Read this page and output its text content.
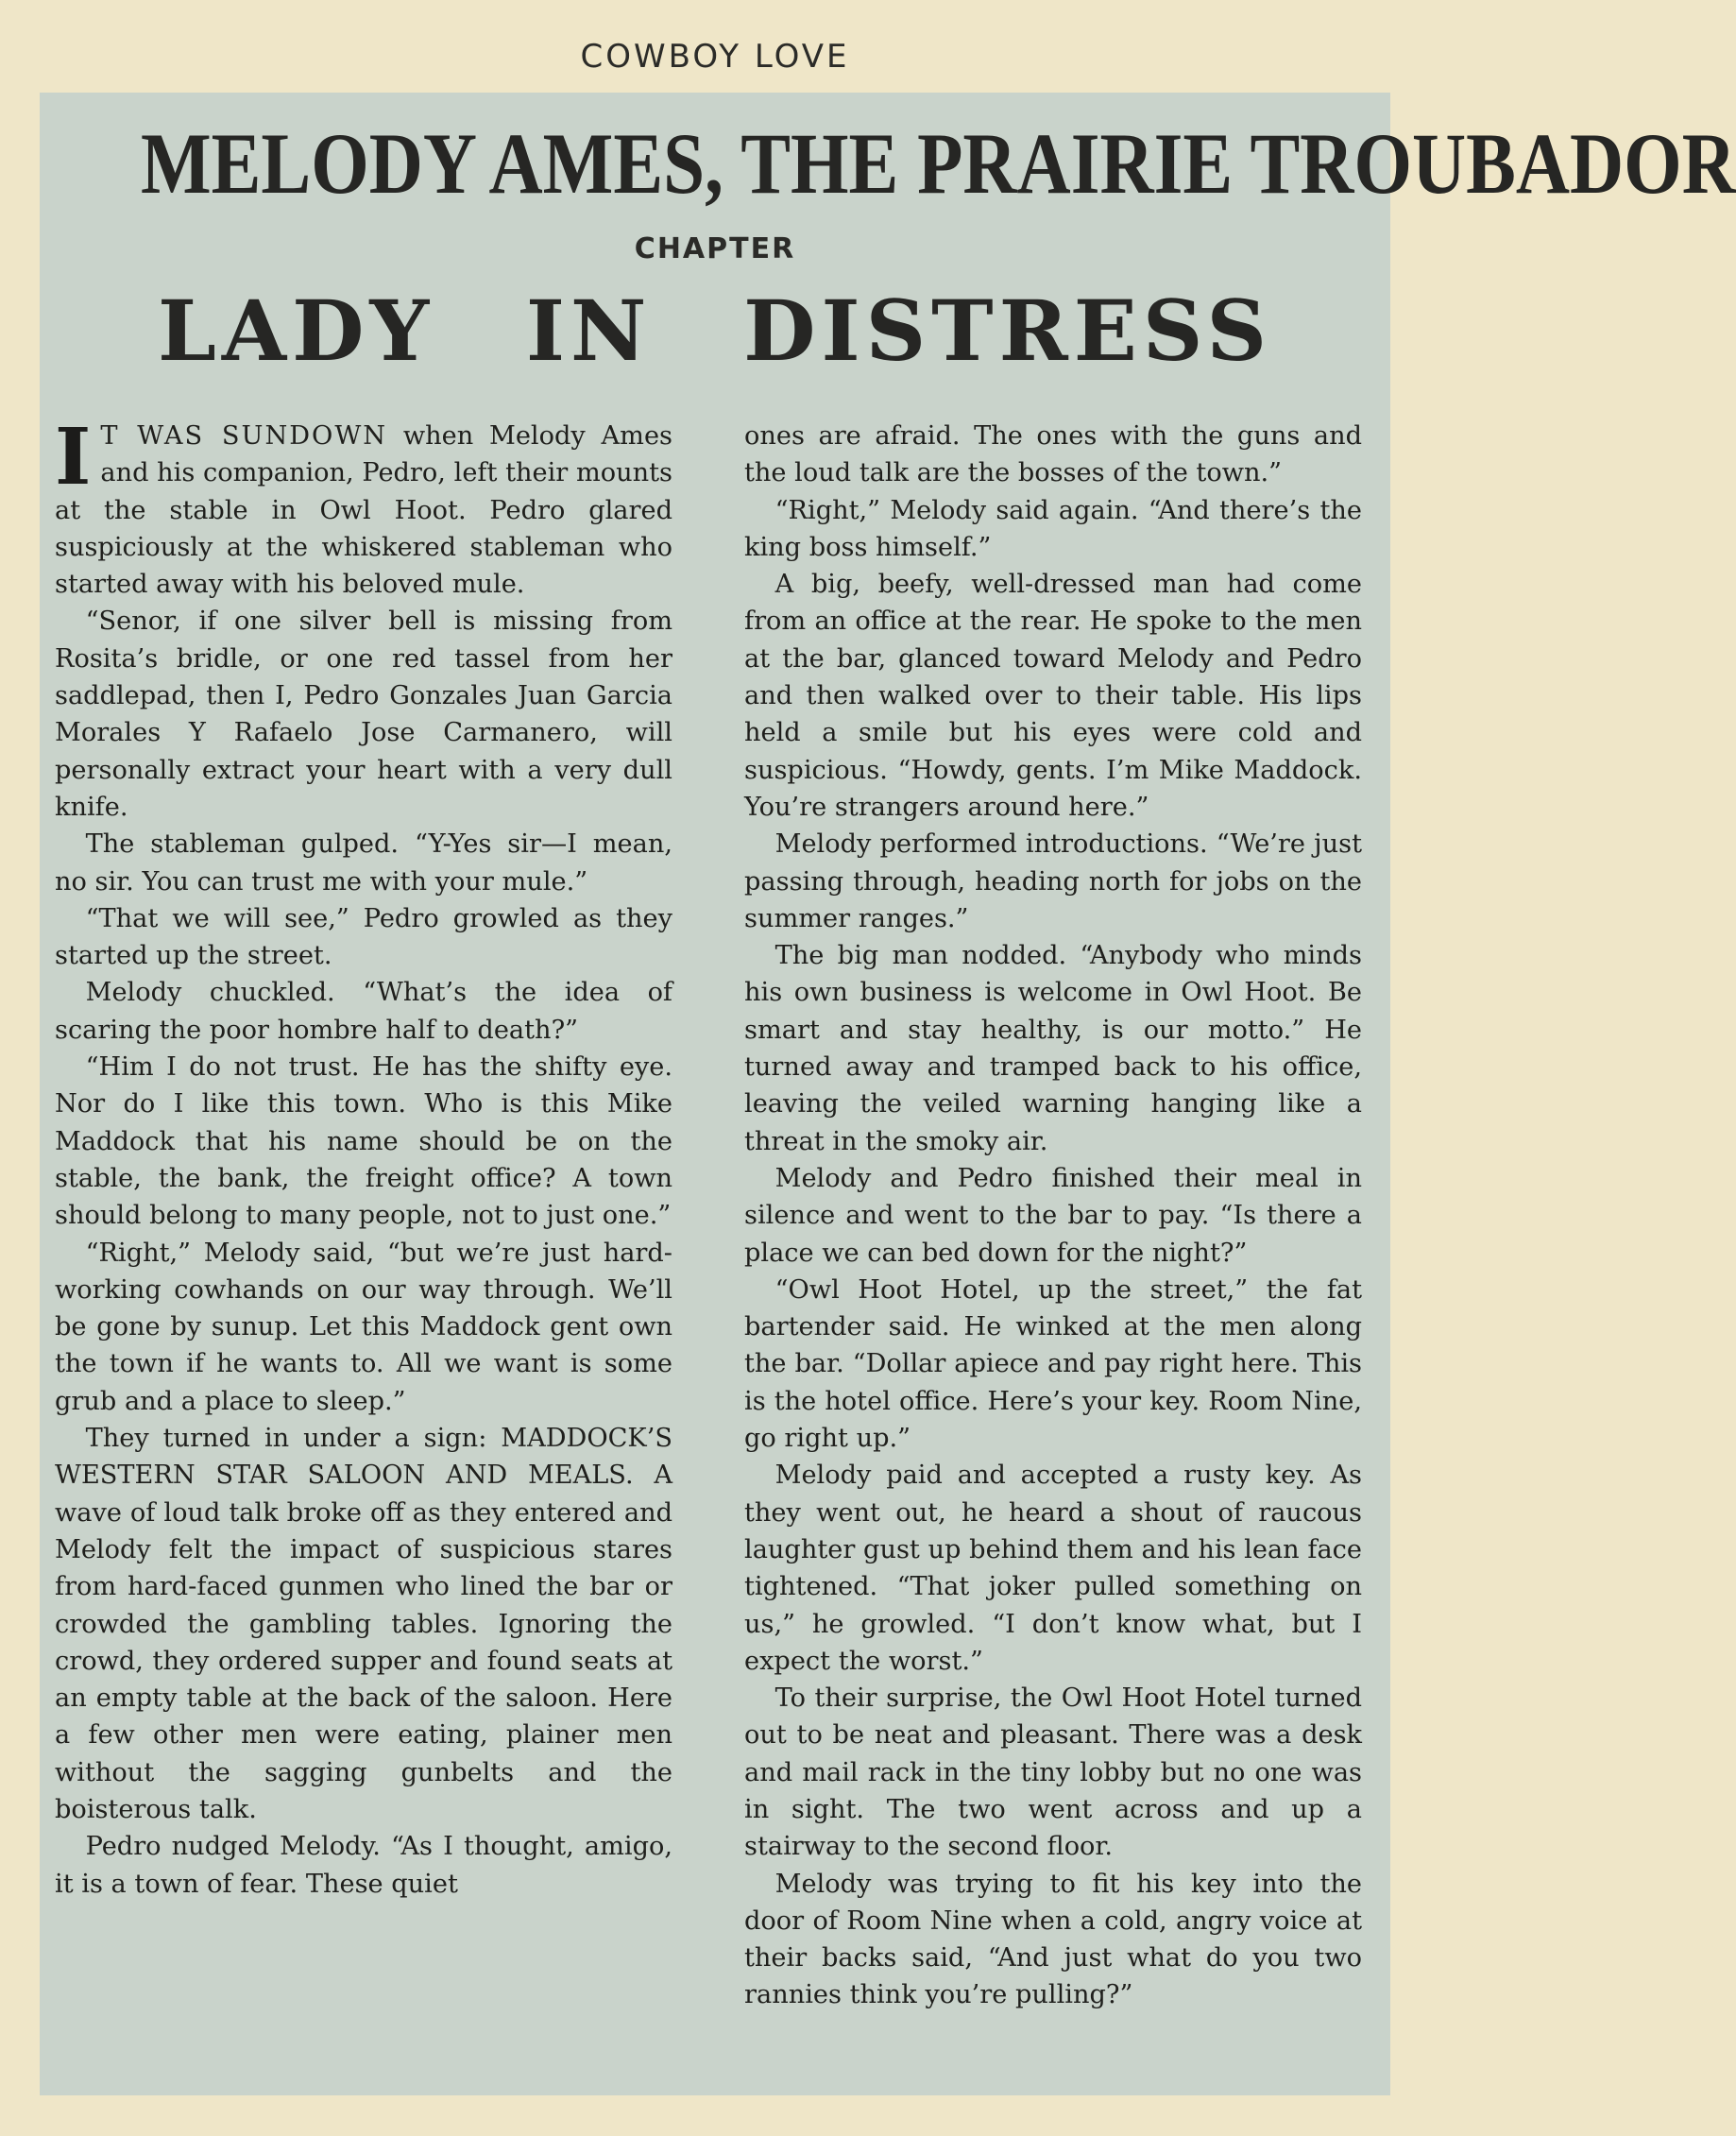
COWBOY LOVE
MELODY AMES, THE PRAIRIE TROUBADOR
CHAPTER
LADY IN DISTRESS

I T WAS SUNDOWN when Melody Ames and his companion, Pedro, left their mounts at the stable in Owl Hoot. Pedro glared suspiciously at the whiskered stableman who started away with his beloved mule.

“Senor, if one silver bell is missing from Rosita’s bridle, or one red tassel from her saddlepad, then I, Pedro Gonzales Juan Garcia Morales Y Rafaelo Jose Carmanero, will personally extract your heart with a very dull knife.

The stableman gulped. “Y-Yes sir—I mean, no sir. You can trust me with your mule.”

“That we will see,” Pedro growled as they started up the street.

Melody chuckled. “What’s the idea of scaring the poor hombre half to death?”

“Him I do not trust. He has the shifty eye. Nor do I like this town. Who is this Mike Maddock that his name should be on the stable, the bank, the freight office? A town should belong to many people, not to just one.”

“Right,” Melody said, “but we’re just hard-working cowhands on our way through. We’ll be gone by sunup. Let this Maddock gent own the town if he wants to. All we want is some grub and a place to sleep.”

They turned in under a sign: MADDOCK’S WESTERN STAR SALOON AND MEALS. A wave of loud talk broke off as they entered and Melody felt the impact of suspicious stares from hard-faced gunmen who lined the bar or crowded the gambling tables. Ignoring the crowd, they ordered supper and found seats at an empty table at the back of the saloon. Here a few other men were eating, plainer men without the sagging gunbelts and the boisterous talk.

Pedro nudged Melody. “As I thought, amigo, it is a town of fear. These quiet

ones are afraid. The ones with the guns and the loud talk are the bosses of the town.”

“Right,” Melody said again. “And there’s the king boss himself.”

A big, beefy, well-dressed man had come from an office at the rear. He spoke to the men at the bar, glanced toward Melody and Pedro and then walked over to their table. His lips held a smile but his eyes were cold and suspicious. “Howdy, gents. I’m Mike Maddock. You’re strangers around here.”

Melody performed introductions. “We’re just passing through, heading north for jobs on the summer ranges.”

The big man nodded. “Anybody who minds his own business is welcome in Owl Hoot. Be smart and stay healthy, is our motto.” He turned away and tramped back to his office, leaving the veiled warning hanging like a threat in the smoky air.

Melody and Pedro finished their meal in silence and went to the bar to pay. “Is there a place we can bed down for the night?”

“Owl Hoot Hotel, up the street,” the fat bartender said. He winked at the men along the bar. “Dollar apiece and pay right here. This is the hotel office. Here’s your key. Room Nine, go right up.”

Melody paid and accepted a rusty key. As they went out, he heard a shout of raucous laughter gust up behind them and his lean face tightened. “That joker pulled something on us,” he growled. “I don’t know what, but I expect the worst.”

To their surprise, the Owl Hoot Hotel turned out to be neat and pleasant. There was a desk and mail rack in the tiny lobby but no one was in sight. The two went across and up a stairway to the second floor.

Melody was trying to fit his key into the door of Room Nine when a cold, angry voice at their backs said, “And just what do you two rannies think you’re pulling?”
